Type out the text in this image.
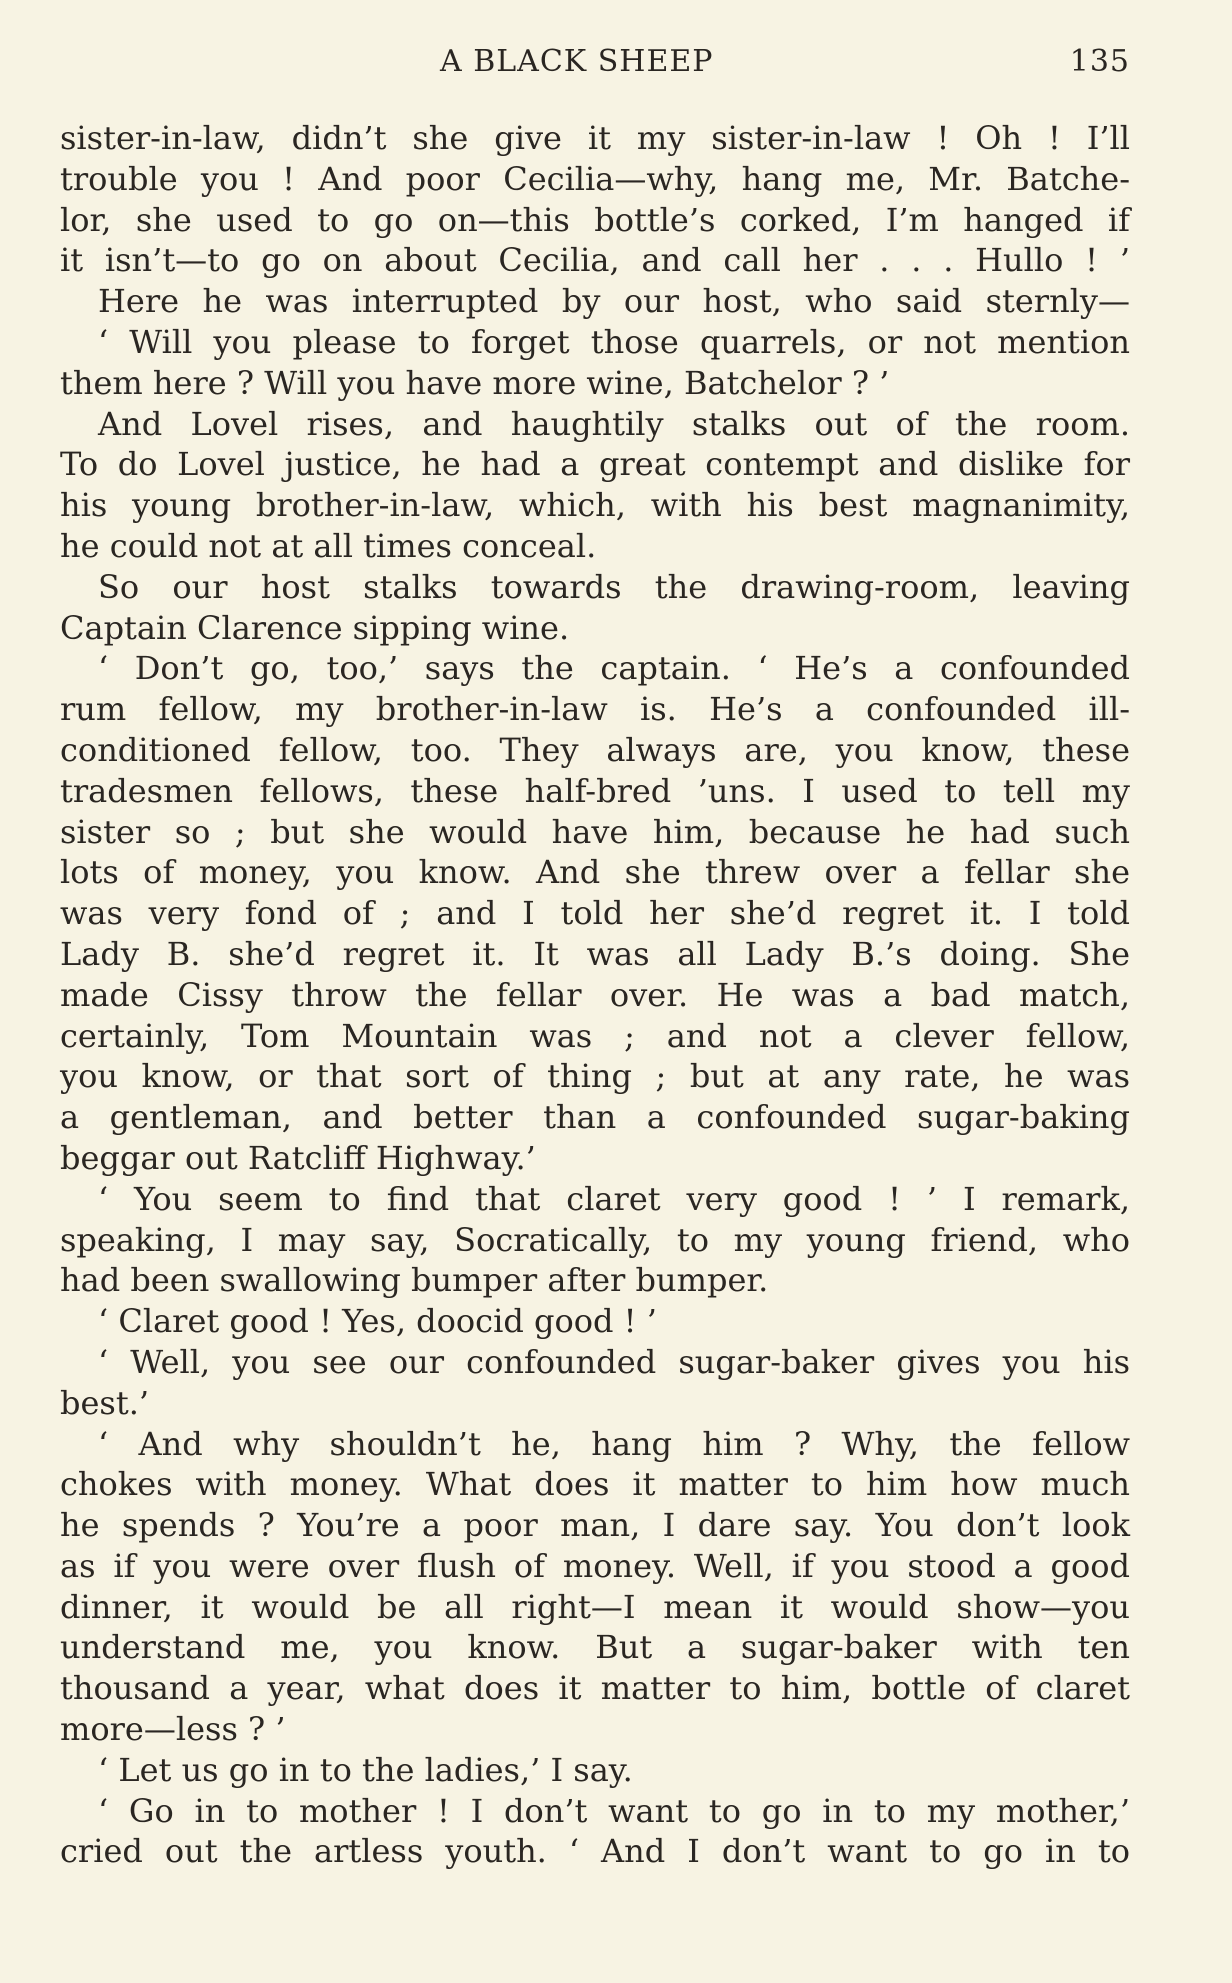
A BLACK SHEEP	135
sister-in-law, didn’t she give it my sister-in-law ! Oh ! I’ll
trouble you ! And poor Cecilia—why, hang me, Mr. Batche-
lor, she used to go on—this bottle’s corked, I’m hanged if
it isn’t—to go on about Cecilia, and call her . . . Hullo ! ’
Here he was interrupted by our host, who said sternly—
‘ Will you please to forget those quarrels, or not mention
them here ? Will you have more wine, Batchelor ? ’
And Lovel rises, and haughtily stalks out of the room.
To do Lovel justice, he had a great contempt and dislike for
his young brother-in-law, which, with his best magnanimity,
he could not at all times conceal.
So our host stalks towards the drawing-room, leaving
Captain Clarence sipping wine.
‘ Don’t go, too,’ says the captain. ‘ He’s a confounded
rum fellow, my brother-in-law is. He’s a confounded ill-
conditioned fellow, too. They always are, you know, these
tradesmen fellows, these half-bred ’uns. I used to tell my
sister so ; but she would have him, because he had such
lots of money, you know. And she threw over a fellar she
was very fond of ; and I told her she’d regret it. I told
Lady B. she’d regret it. It was all Lady B.’s doing. She
made Cissy throw the fellar over. He was a bad match,
certainly, Tom Mountain was ; and not a clever fellow,
you know, or that sort of thing ; but at any rate, he was
a gentleman, and better than a confounded sugar-baking
beggar out Ratcliff Highway.’
‘ You seem to find that claret very good ! ’ I remark,
speaking, I may say, Socratically, to my young friend, who
had been swallowing bumper after bumper.
‘ Claret good ! Yes, doocid good ! ’
‘ Well, you see our confounded sugar-baker gives you his
best.’
‘ And why shouldn’t he, hang him ? Why, the fellow
chokes with money. What does it matter to him how much
he spends ? You’re a poor man, I dare say. You don’t look
as if you were over flush of money. Well, if you stood a good
dinner, it would be all right—I mean it would show—you
understand me, you know. But a sugar-baker with ten
thousand a year, what does it matter to him, bottle of claret
more—less ? ’
‘ Let us go in to the ladies,’ I say.
‘ Go in to mother ! I don’t want to go in to my mother,’
cried out the artless youth. ‘ And I don’t want to go in to
